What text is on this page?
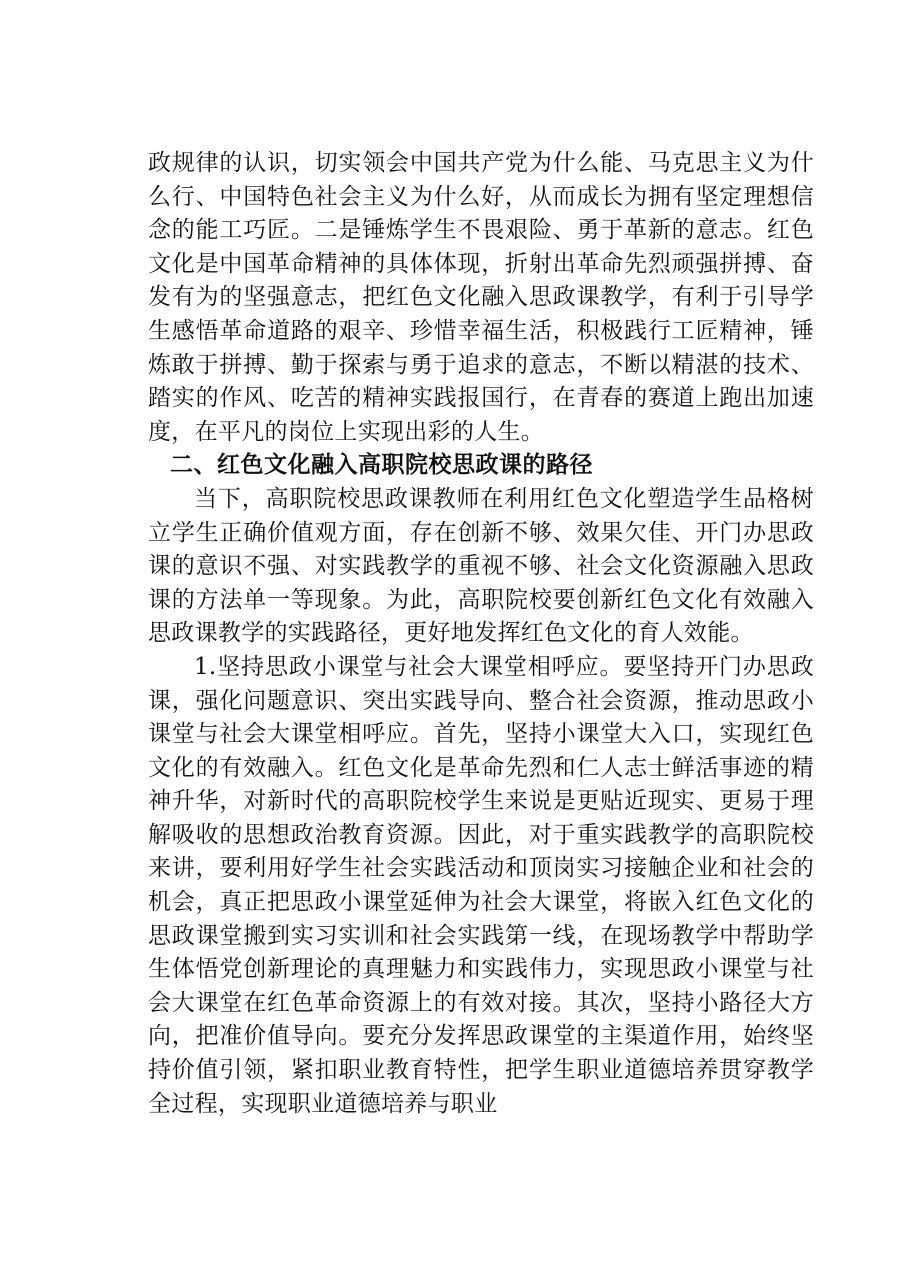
政规律的认识，切实领会中国共产党为什么能、马克思主义为什么行、中国特色社会主义为什么好，从而成长为拥有坚定理想信念的能工巧匠。二是锤炼学生不畏艰险、勇于革新的意志。红色文化是中国革命精神的具体体现，折射出革命先烈顽强拼搏、奋发有为的坚强意志，把红色文化融入思政课教学，有利于引导学生感悟革命道路的艰辛、珍惜幸福生活，积极践行工匠精神，锤炼敢于拼搏、勤于探索与勇于追求的意志，不断以精湛的技术、踏实的作风、吃苦的精神实践报国行，在青春的赛道上跑出加速度，在平凡的岗位上实现出彩的人生。

二、红色文化融入高职院校思政课的路径

当下，高职院校思政课教师在利用红色文化塑造学生品格树立学生正确价值观方面，存在创新不够、效果欠佳、开门办思政课的意识不强、对实践教学的重视不够、社会文化资源融入思政课的方法单一等现象。为此，高职院校要创新红色文化有效融入思政课教学的实践路径，更好地发挥红色文化的育人效能。

1.坚持思政小课堂与社会大课堂相呼应。要坚持开门办思政课，强化问题意识、突出实践导向、整合社会资源，推动思政小课堂与社会大课堂相呼应。首先，坚持小课堂大入口，实现红色文化的有效融入。红色文化是革命先烈和仁人志士鲜活事迹的精神升华，对新时代的高职院校学生来说是更贴近现实、更易于理解吸收的思想政治教育资源。因此，对于重实践教学的高职院校来讲，要利用好学生社会实践活动和顶岗实习接触企业和社会的机会，真正把思政小课堂延伸为社会大课堂，将嵌入红色文化的思政课堂搬到实习实训和社会实践第一线，在现场教学中帮助学生体悟党创新理论的真理魅力和实践伟力，实现思政小课堂与社会大课堂在红色革命资源上的有效对接。其次，坚持小路径大方向，把准价值导向。要充分发挥思政课堂的主渠道作用，始终坚持价值引领，紧扣职业教育特性，把学生职业道德培养贯穿教学全过程，实现职业道德培养与职业
